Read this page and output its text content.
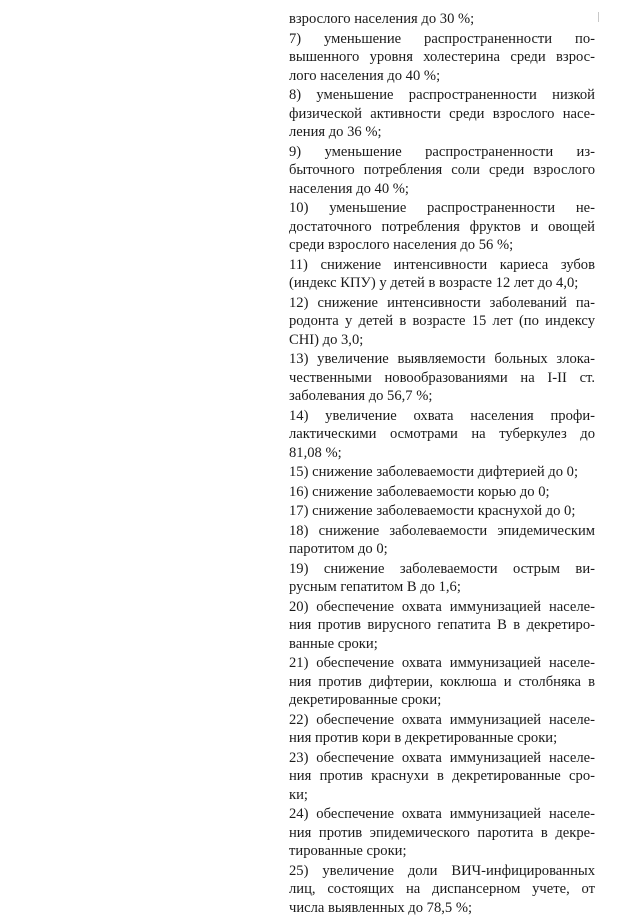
взрослого населения до 30 %;
7) уменьшение распространенности по-
вышенного уровня холестерина среди взрос-
лого населения до 40 %;
8) уменьшение распространенности низкой
физической активности среди взрослого насе-
ления до 36 %;
9) уменьшение распространенности из-
быточного потребления соли среди взрослого
населения до 40 %;
10) уменьшение распространенности не-
достаточного потребления фруктов и овощей
среди взрослого населения до 56 %;
11) снижение интенсивности кариеса зубов
(индекс КПУ) у детей в возрасте 12 лет до 4,0;
12) снижение интенсивности заболеваний па-
родонта у детей в возрасте 15 лет (по индексу
СНI) до 3,0;
13) увеличение выявляемости больных злока-
чественными новообразованиями на I-II ст.
заболевания до 56,7 %;
14) увеличение охвата населения профи-
лактическими осмотрами на туберкулез до
81,08 %;
15) снижение заболеваемости дифтерией до 0;
16) снижение заболеваемости корью до 0;
17) снижение заболеваемости краснухой до 0;
18) снижение заболеваемости эпидемическим
паротитом до 0;
19) снижение заболеваемости острым ви-
русным гепатитом В до 1,6;
20) обеспечение охвата иммунизацией населе-
ния против вирусного гепатита В в декретиро-
ванные сроки;
21) обеспечение охвата иммунизацией населе-
ния против дифтерии, коклюша и столбняка в
декретированные сроки;
22) обеспечение охвата иммунизацией населе-
ния против кори в декретированные сроки;
23) обеспечение охвата иммунизацией населе-
ния против краснухи в декретированные сро-
ки;
24) обеспечение охвата иммунизацией населе-
ния против эпидемического паротита в декре-
тированные сроки;
25) увеличение доли ВИЧ-инфицированных
лиц, состоящих на диспансерном учете, от
числа выявленных до 78,5 %;
